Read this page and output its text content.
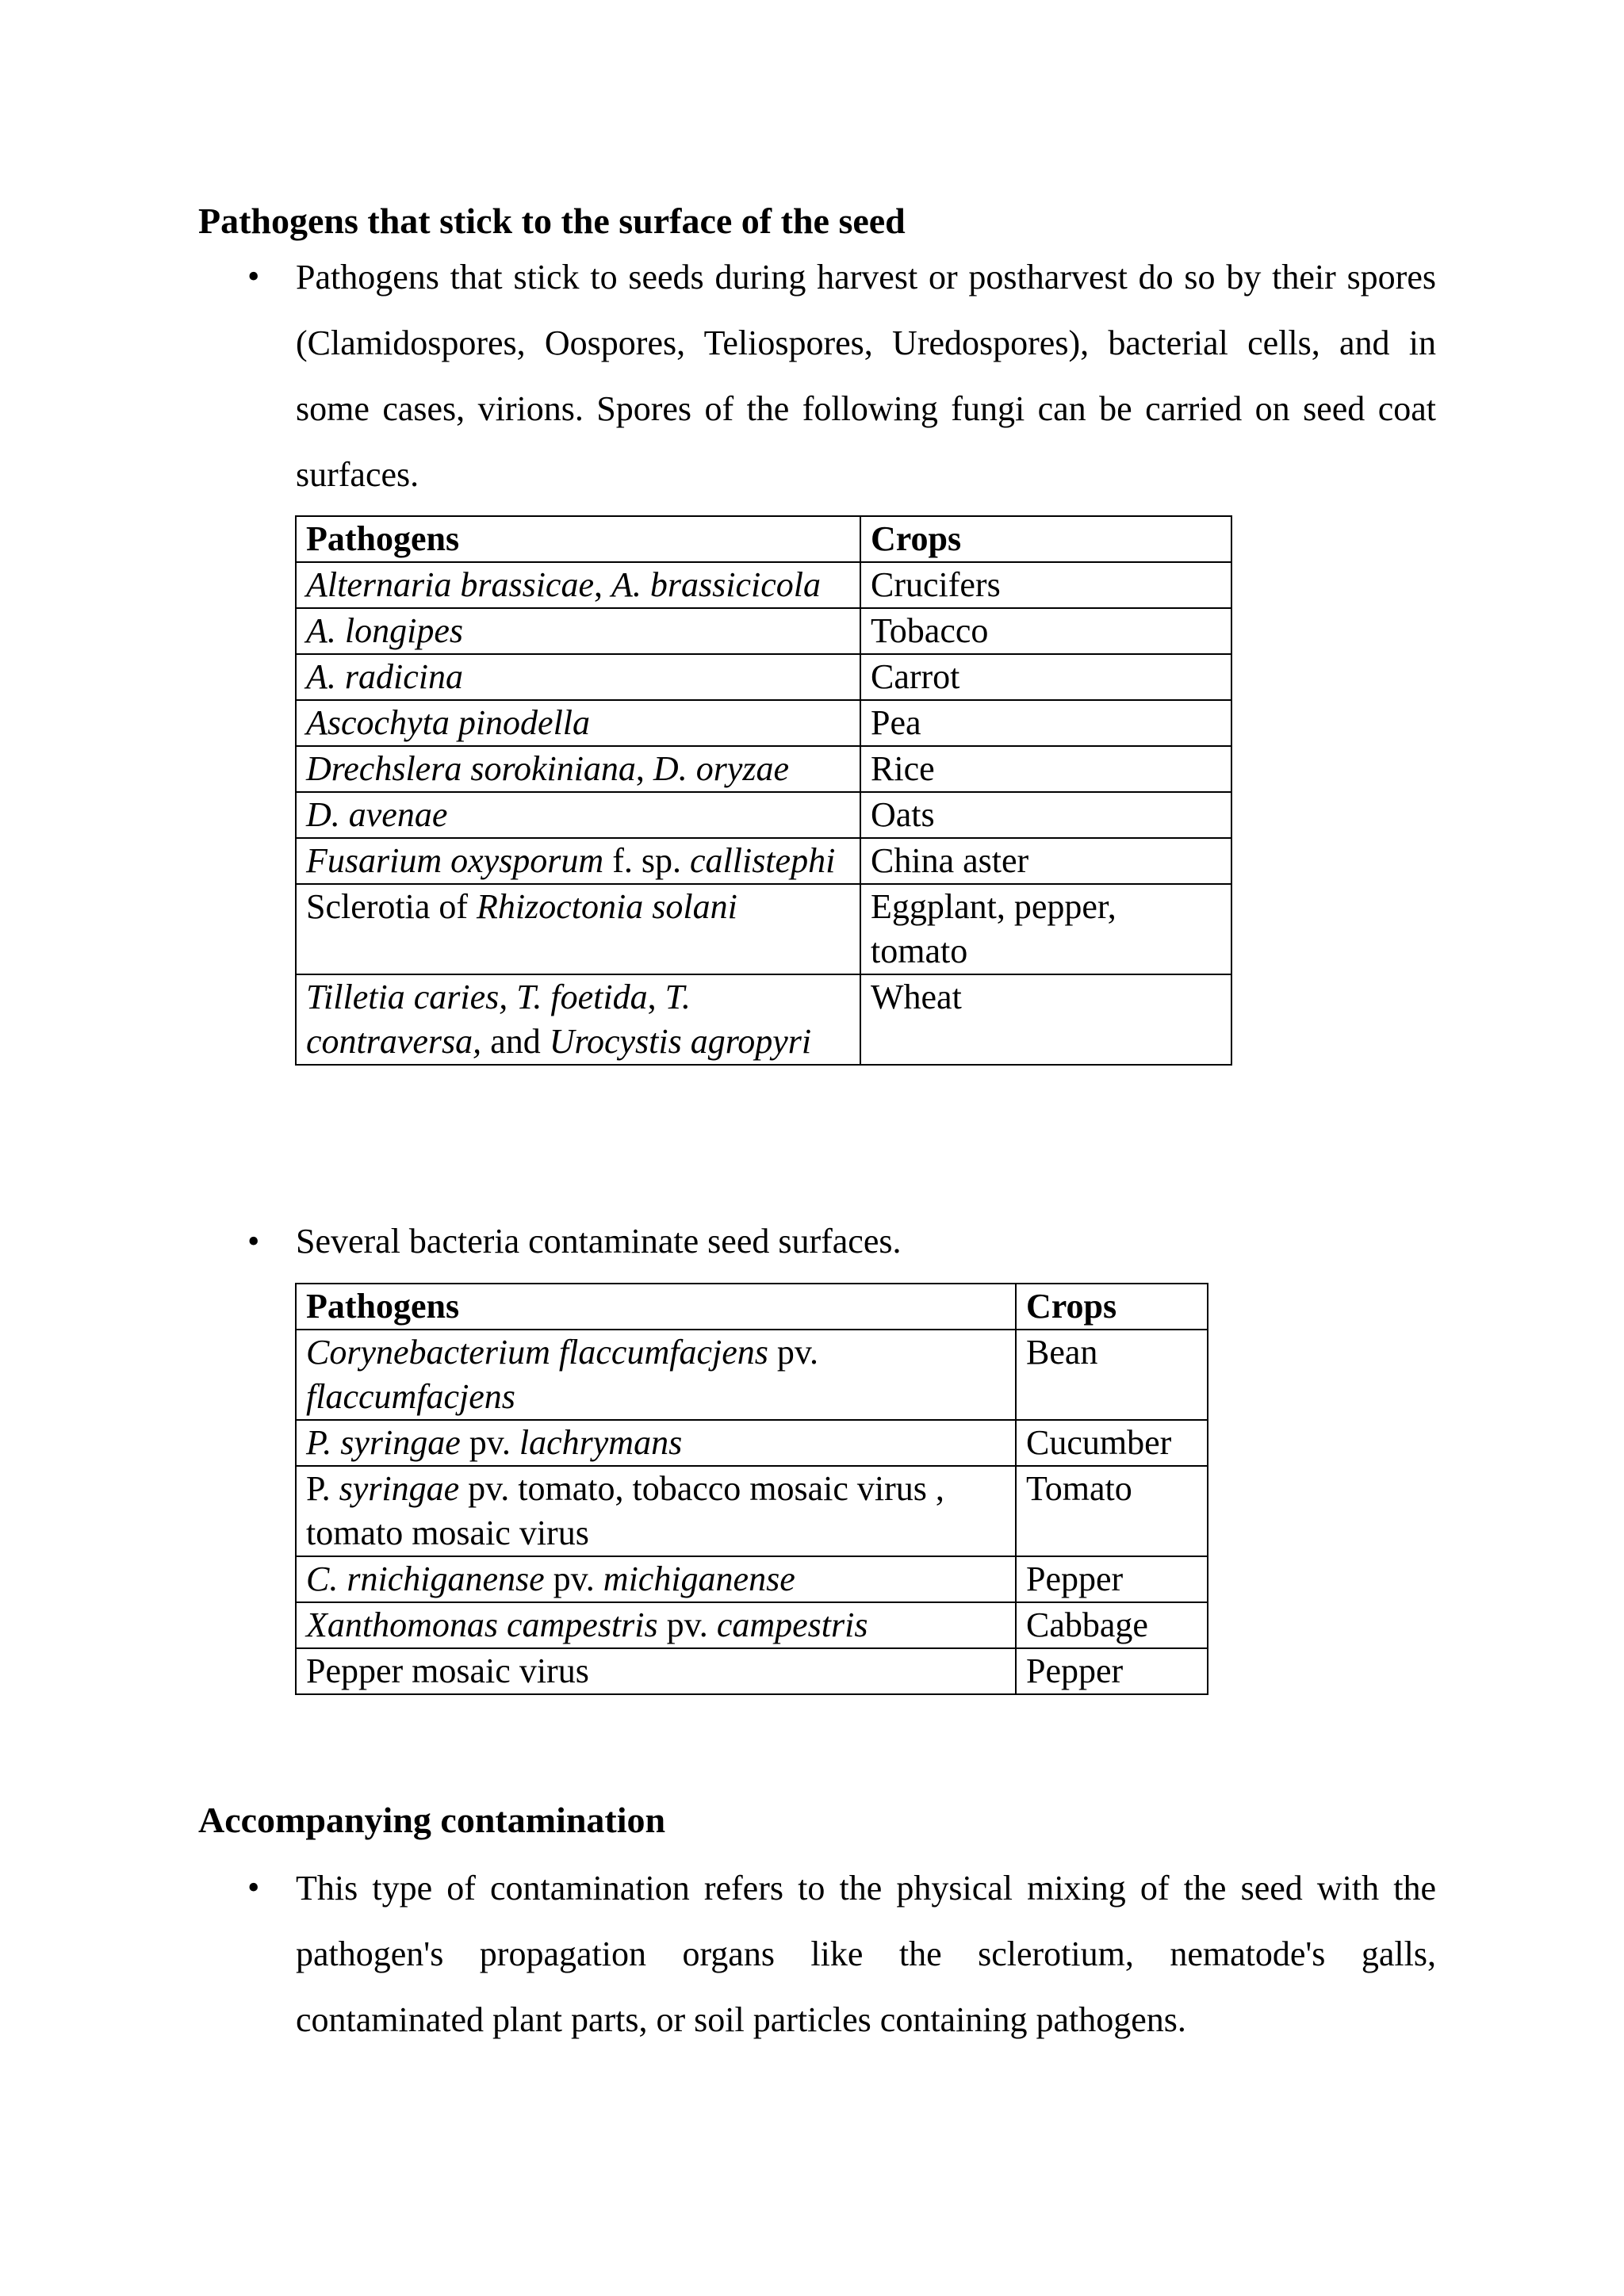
Pathogens that stick to the surface of the seed
• Pathogens that stick to seeds during harvest or postharvest do so by their spores (Clamidospores, Oospores, Teliospores, Uredospores), bacterial cells, and in some cases, virions. Spores of the following fungi can be carried on seed coat surfaces.

Pathogens	Crops
Alternaria brassicae, A. brassicicola	Crucifers
A. longipes	Tobacco
A. radicina	Carrot
Ascochyta pinodella	Pea
Drechslera sorokiniana, D. oryzae	Rice
D. avenae	Oats
Fusarium oxysporum f. sp. callistephi	China aster
Sclerotia of Rhizoctonia solani	Eggplant, pepper, tomato
Tilletia caries, T. foetida, T. contraversa, and Urocystis agropyri	Wheat
• Several bacteria contaminate seed surfaces.

Pathogens	Crops
Corynebacterium flaccumfacjens pv. flaccumfacjens	Bean
P. syringae pv. lachrymans	Cucumber
P. syringae pv. tomato, tobacco mosaic virus , tomato mosaic virus	Tomato
C. rnichiganense pv. michiganense	Pepper
Xanthomonas campestris pv. campestris	Cabbage
Pepper mosaic virus	Pepper
Accompanying contamination
• This type of contamination refers to the physical mixing of the seed with the pathogen's propagation organs like the sclerotium, nematode's galls, contaminated plant parts, or soil particles containing pathogens.
